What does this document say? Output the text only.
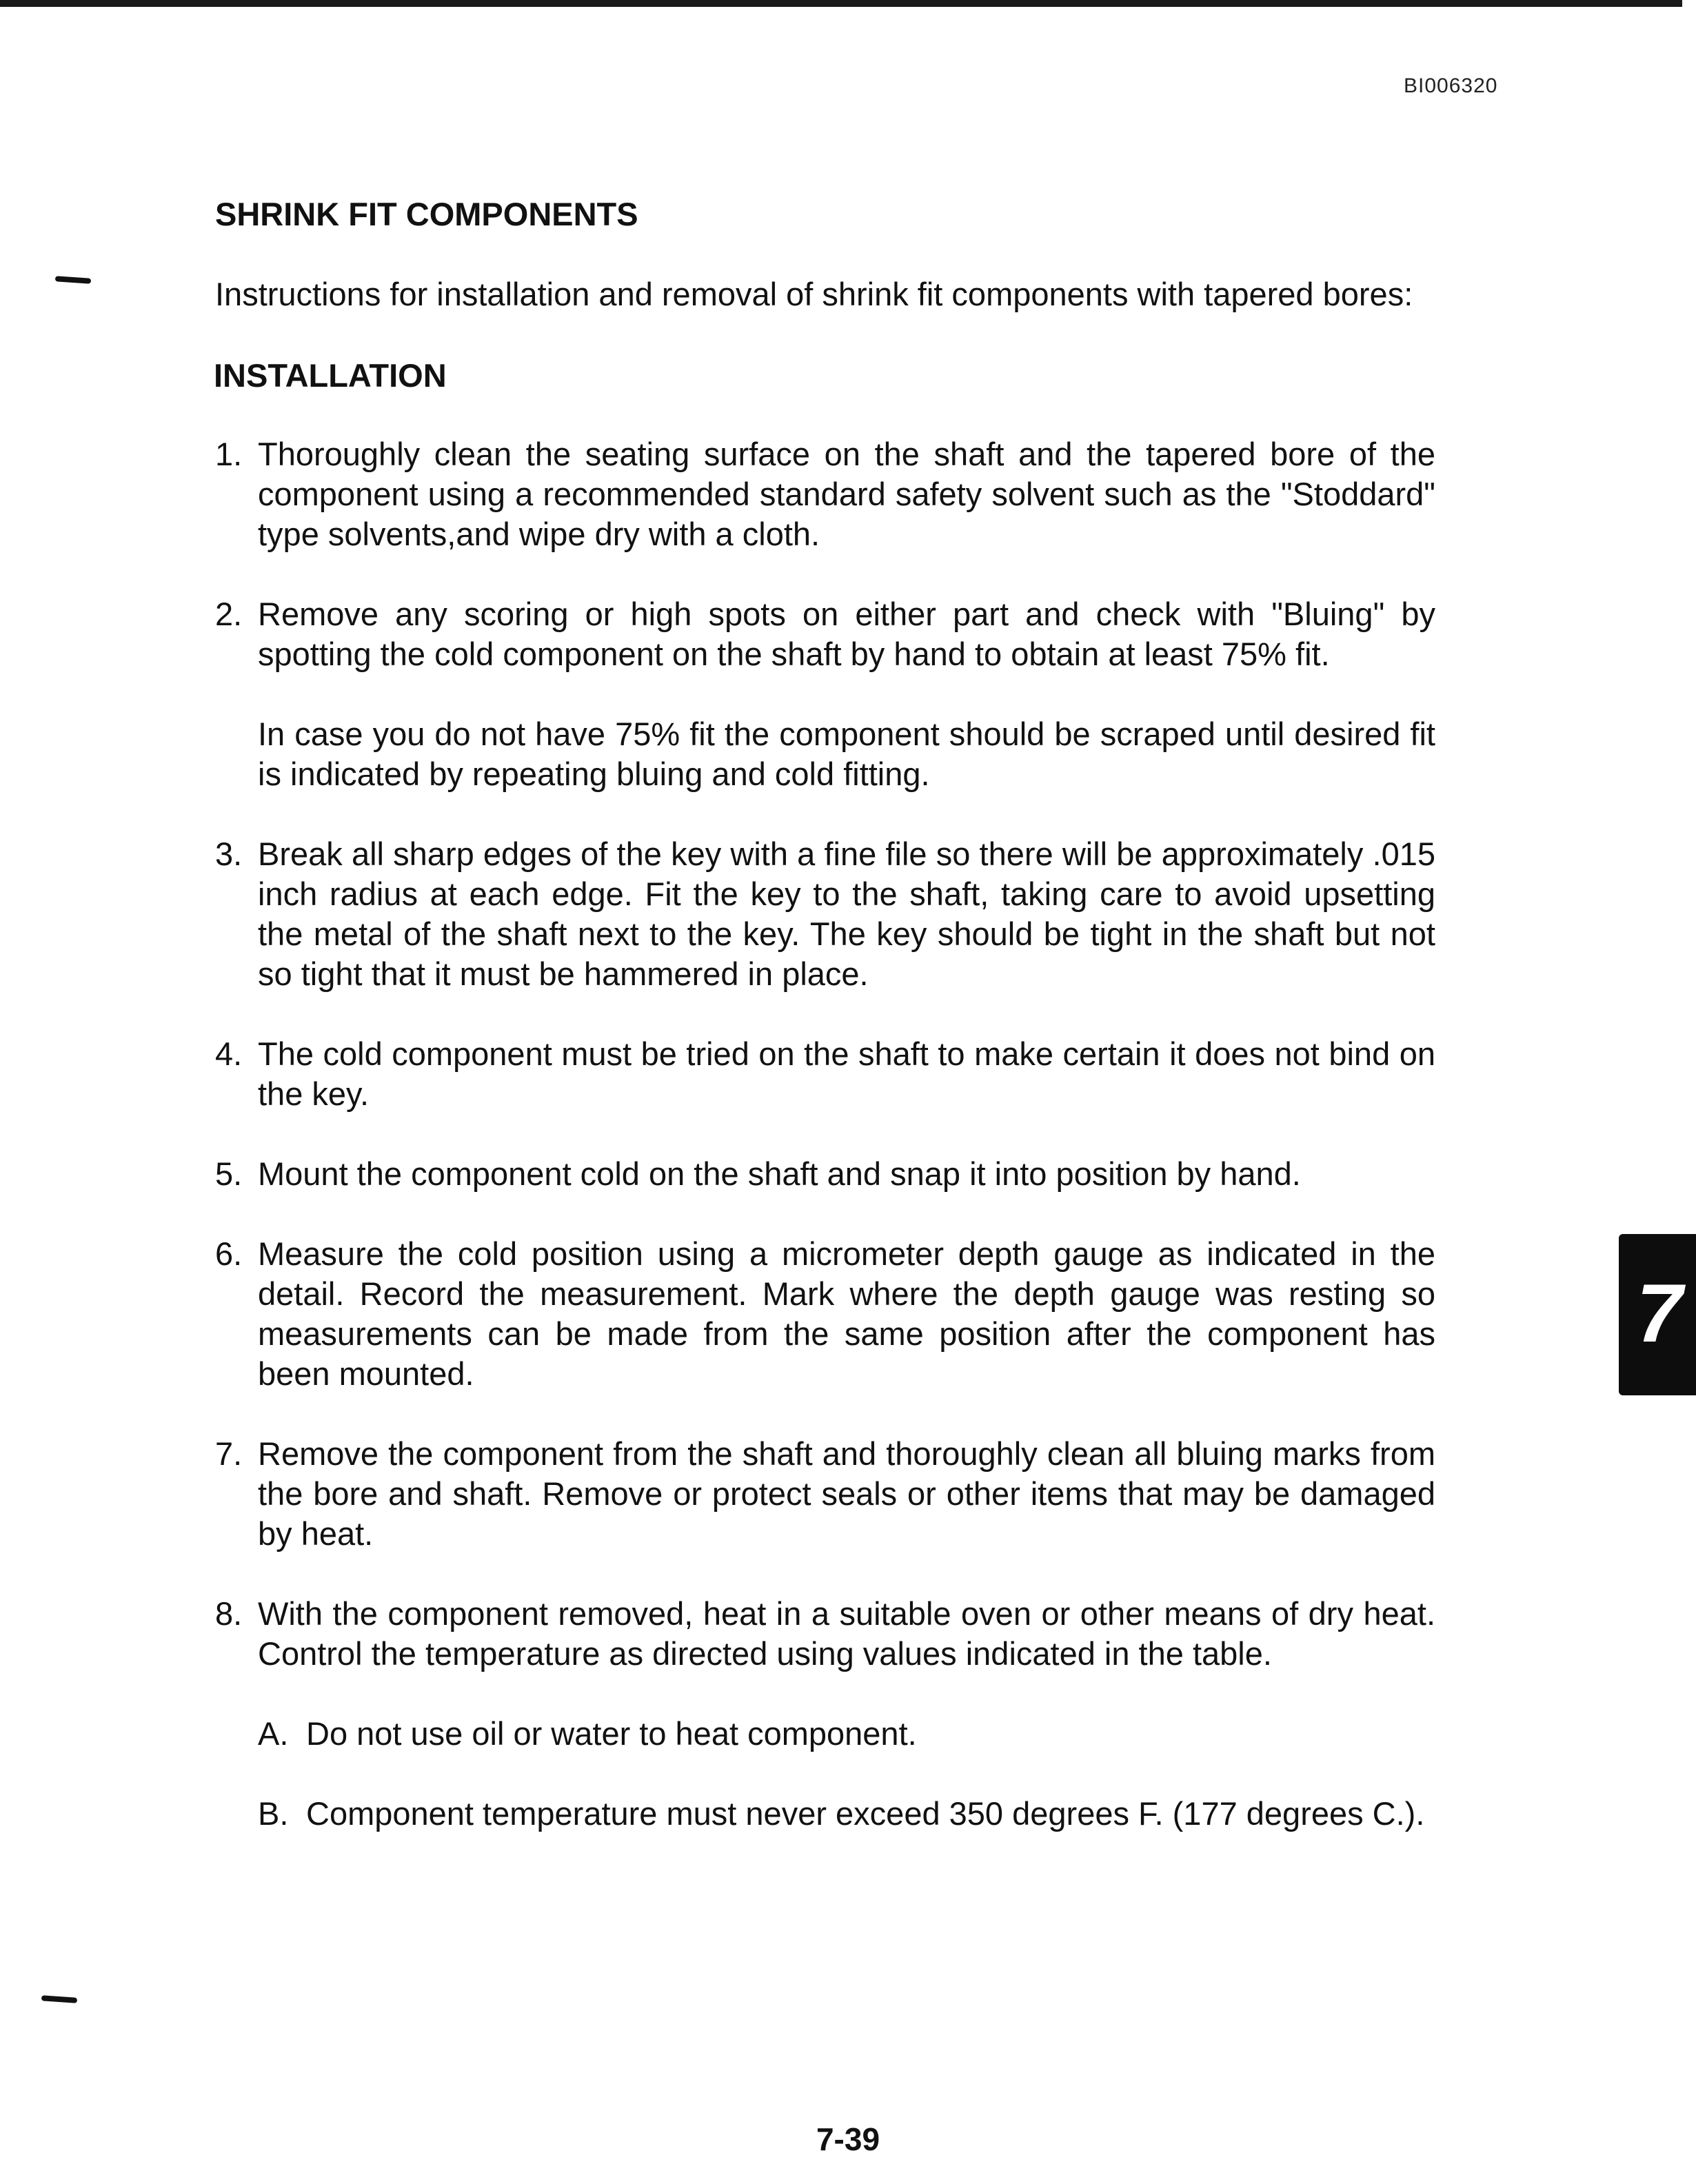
BI006320
SHRINK FIT COMPONENTS

Instructions for installation and removal of shrink fit components with tapered bores:

INSTALLATION
1. Thoroughly clean the seating surface on the shaft and the tapered bore of the component using a recommended standard safety solvent such as the "Stoddard" type solvents,and wipe dry with a cloth.

2. Remove any scoring or high spots on either part and check with "Bluing" by spotting the cold component on the shaft by hand to obtain at least 75% fit.

In case you do not have 75% fit the component should be scraped until desired fit is indicated by repeating bluing and cold fitting.

3. Break all sharp edges of the key with a fine file so there will be approximately .015 inch radius at each edge. Fit the key to the shaft, taking care to avoid upsetting the metal of the shaft next to the key. The key should be tight in the shaft but not so tight that it must be hammered in place.

4. The cold component must be tried on the shaft to make certain it does not bind on the key.

5. Mount the component cold on the shaft and snap it into position by hand.

6. Measure the cold position using a micrometer depth gauge as indicated in the detail. Record the measurement. Mark where the depth gauge was resting so measurements can be made from the same position after the component has been mounted.

7. Remove the component from the shaft and thoroughly clean all bluing marks from the bore and shaft. Remove or protect seals or other items that may be damaged by heat.

8. With the component removed, heat in a suitable oven or other means of dry heat. Control the temperature as directed using values indicated in the table.

A. Do not use oil or water to heat component.
B. Component temperature must never exceed 350 degrees F. (177 degrees C.).
7
7-39
